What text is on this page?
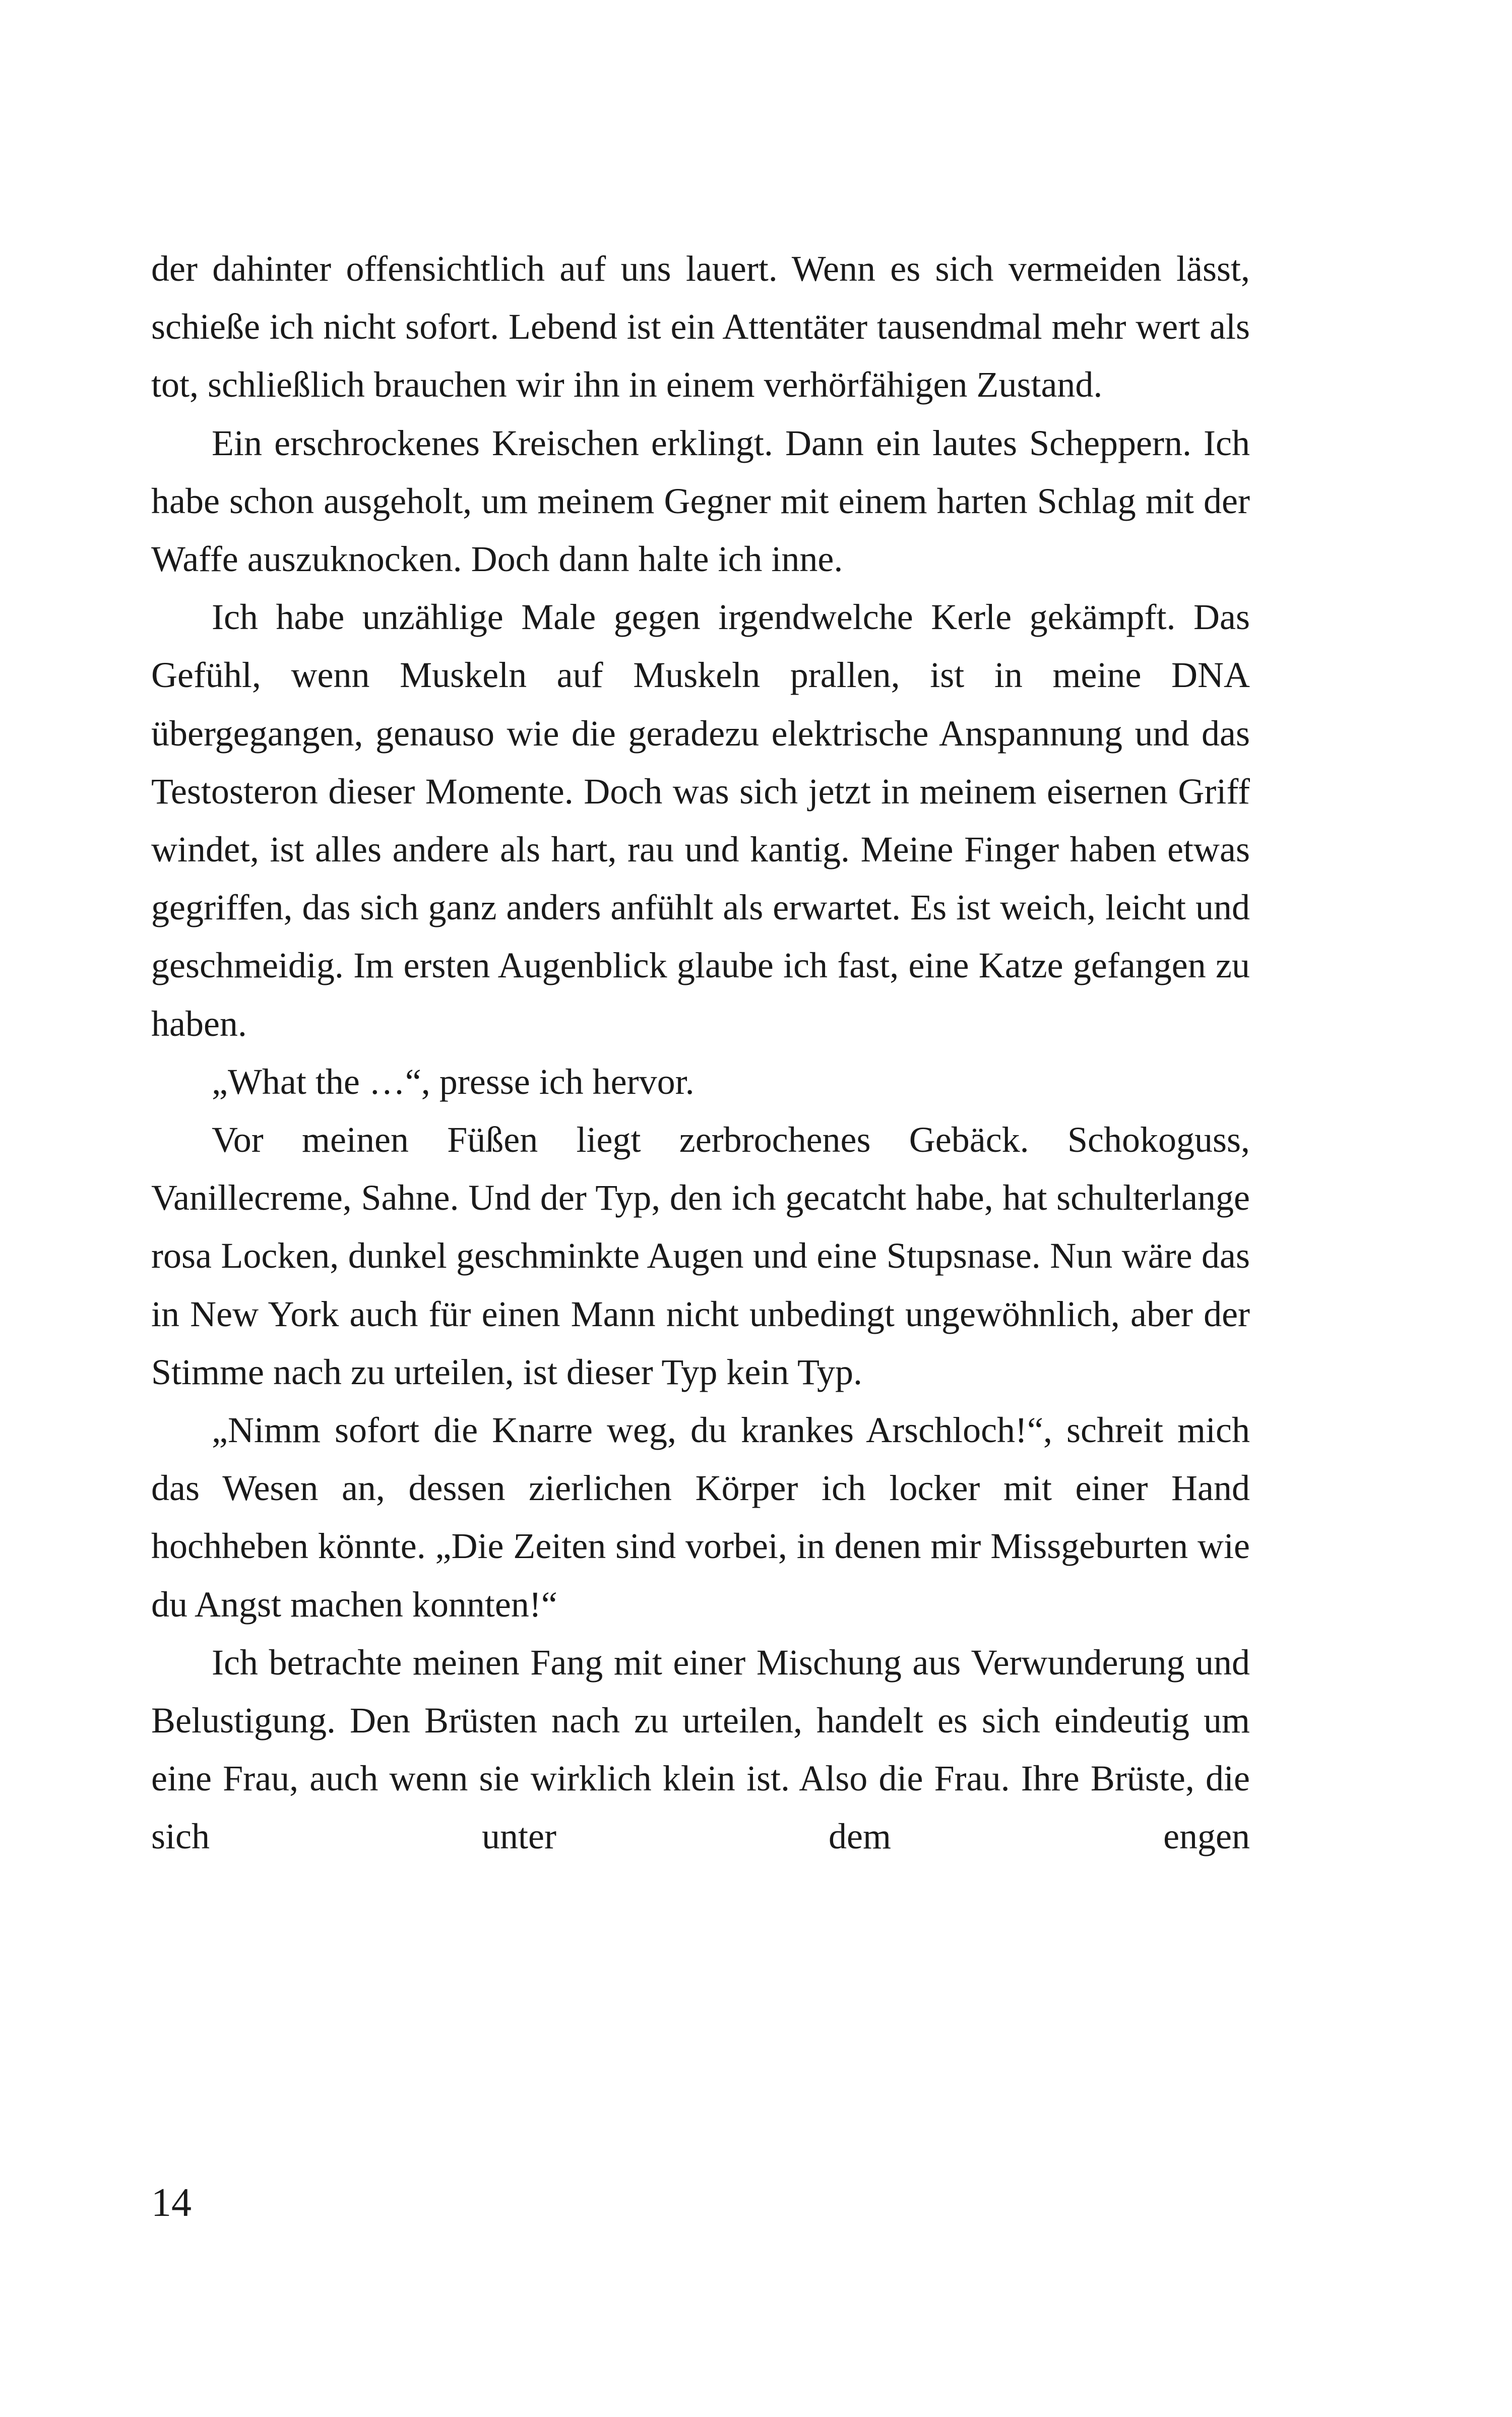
der dahinter offensichtlich auf uns lauert. Wenn es sich vermeiden lässt, schieße ich nicht sofort. Lebend ist ein Attentäter tausendmal mehr wert als tot, schließlich brauchen wir ihn in einem verhörfähigen Zustand.

Ein erschrockenes Kreischen erklingt. Dann ein lautes Scheppern. Ich habe schon ausgeholt, um meinem Gegner mit einem harten Schlag mit der Waffe auszuknocken. Doch dann halte ich inne.

Ich habe unzählige Male gegen irgendwelche Kerle gekämpft. Das Gefühl, wenn Muskeln auf Muskeln prallen, ist in meine DNA übergegangen, genauso wie die geradezu elektrische Anspannung und das Testosteron dieser Momente. Doch was sich jetzt in meinem eisernen Griff windet, ist alles andere als hart, rau und kantig. Meine Finger haben etwas gegriffen, das sich ganz anders anfühlt als erwartet. Es ist weich, leicht und geschmeidig. Im ersten Augenblick glaube ich fast, eine Katze gefangen zu haben.

„What the …“, presse ich hervor.

Vor meinen Füßen liegt zerbrochenes Gebäck. Schokoguss, Vanillecreme, Sahne. Und der Typ, den ich gecatcht habe, hat schulterlange rosa Locken, dunkel geschminkte Augen und eine Stupsnase. Nun wäre das in New York auch für einen Mann nicht unbedingt ungewöhnlich, aber der Stimme nach zu urteilen, ist dieser Typ kein Typ.

„Nimm sofort die Knarre weg, du krankes Arschloch!“, schreit mich das Wesen an, dessen zierlichen Körper ich locker mit einer Hand hochheben könnte. „Die Zeiten sind vorbei, in denen mir Missgeburten wie du Angst machen konnten!“

Ich betrachte meinen Fang mit einer Mischung aus Verwunderung und Belustigung. Den Brüsten nach zu urteilen, handelt es sich eindeutig um eine Frau, auch wenn sie wirklich klein ist. Also die Frau. Ihre Brüste, die sich unter dem engen

14
